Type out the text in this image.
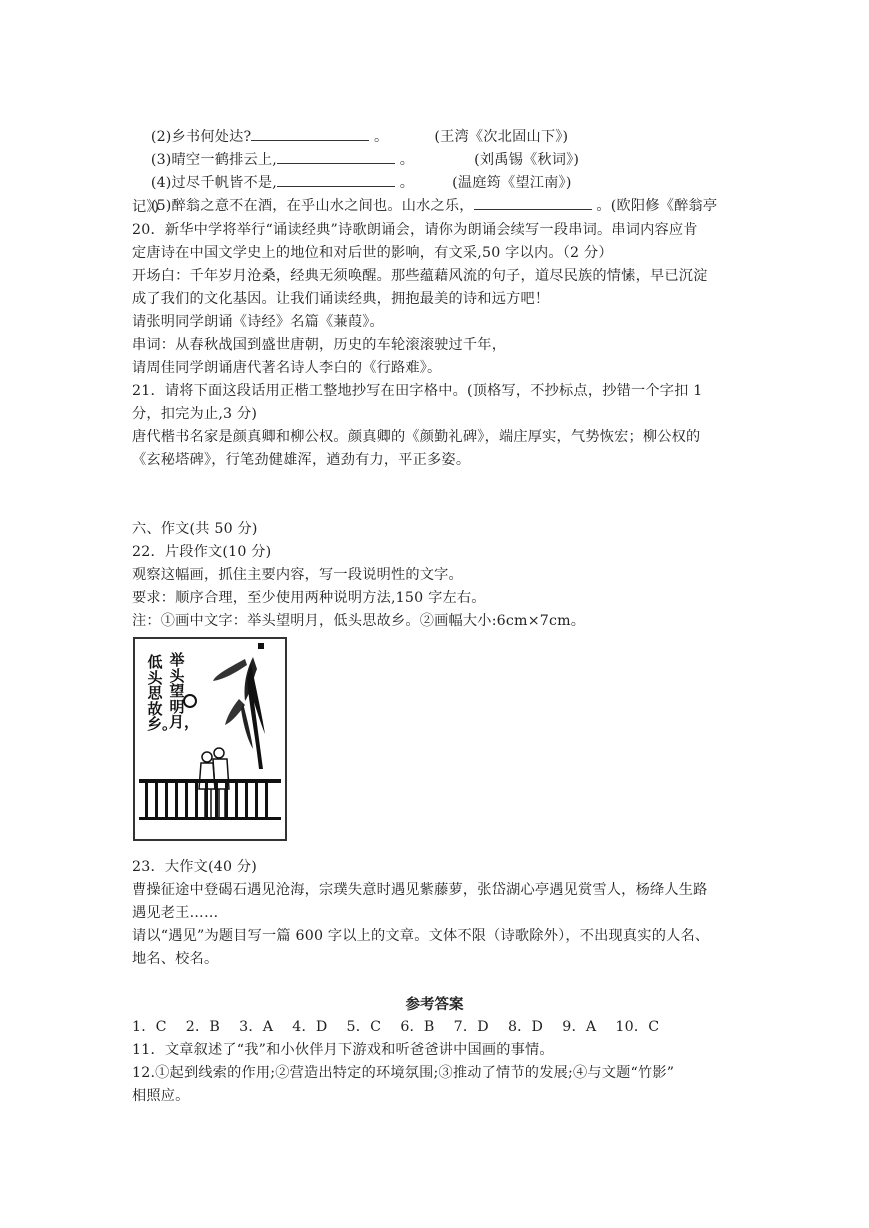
(2)乡书何处达?	。	(王湾《次北固山下》)

(3)晴空一鹤排云上,	。	(刘禹锡《秋词》)

(4)过尽千帆皆不是,	。	(温庭筠《望江南》)

(5)醉翁之意不在酒，在乎山水之间也。山水之乐，	。(欧阳修《醉翁亭

记》)
20．新华中学将举行“诵读经典”诗歌朗诵会，请你为朗诵会续写一段串词。串词内容应肯
定唐诗在中国文学史上的地位和对后世的影响，有文采,50 字以内。（2 分）
开场白：千年岁月沧桑，经典无须唤醒。那些蕴藉风流的句子，道尽民族的情愫，早已沉淀
成了我们的文化基因。让我们诵读经典，拥抱最美的诗和远方吧！
请张明同学朗诵《诗经》名篇《蒹葭》。
串词：从春秋战国到盛世唐朝，历史的车轮滚滚驶过千年，
请周佳同学朗诵唐代著名诗人李白的《行路难》。
21．请将下面这段话用正楷工整地抄写在田字格中。(顶格写，不抄标点，抄错一个字扣 1
分，扣完为止,3 分)
唐代楷书名家是颜真卿和柳公权。颜真卿的《颜勤礼碑》，端庄厚实，气势恢宏；柳公权的
《玄秘塔碑》，行笔劲健雄浑，遒劲有力，平正多姿。
六、作文(共 50 分)
22．片段作文(10 分)
观察这幅画，抓住主要内容，写一段说明性的文字。
要求：顺序合理，至少使用两种说明方法,150 字左右。
注：①画中文字：举头望明月，低头思故乡。②画幅大小:6cm×7cm。
举头望明月，
低头思故乡。
23．大作文(40 分)
曹操征途中登碣石遇见沧海，宗璞失意时遇见紫藤萝，张岱湖心亭遇见赏雪人，杨绛人生路
遇见老王……
请以“遇见”为题目写一篇 600 字以上的文章。文体不限（诗歌除外），不出现真实的人名、
地名、校名。
参考答案
1．C　 2．B　 3．A　 4．D　 5．C　 6．B　 7．D　 8．D　 9．A　 10．C
11．文章叙述了“我”和小伙伴月下游戏和听爸爸讲中国画的事情。
12.①起到线索的作用;②营造出特定的环境氛围;③推动了情节的发展;④与文题“竹影”
相照应。
